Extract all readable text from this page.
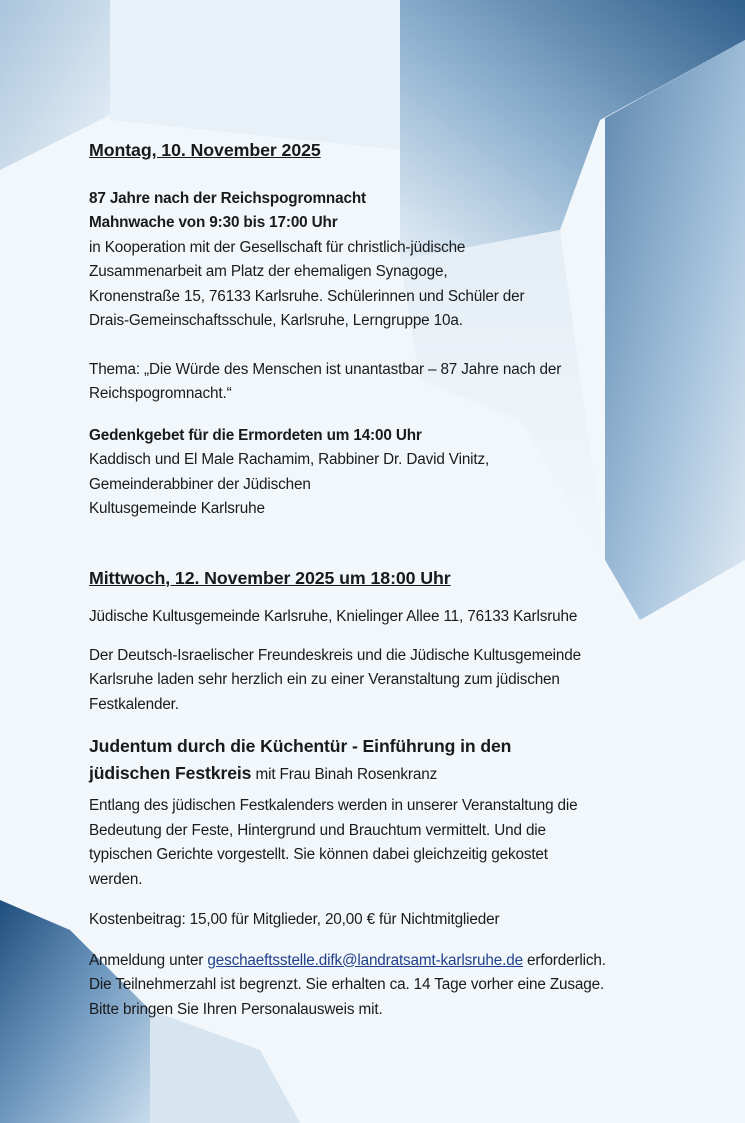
Montag, 10. November 2025

87 Jahre nach der Reichspogromnacht

Mahnwache von 9:30 bis 17:00 Uhr

in Kooperation mit der Gesellschaft für christlich-jüdische

Zusammenarbeit am Platz der ehemaligen Synagoge,

Kronenstraße 15, 76133 Karlsruhe. Schülerinnen und Schüler der

Drais-Gemeinschaftsschule, Karlsruhe, Lerngruppe 10a.

Thema: „Die Würde des Menschen ist unantastbar – 87 Jahre nach der

Reichspogromnacht.“

Gedenkgebet für die Ermordeten um 14:00 Uhr

Kaddisch und El Male Rachamim, Rabbiner Dr. David Vinitz,

Gemeinderabbiner der Jüdischen

Kultusgemeinde Karlsruhe

Mittwoch, 12. November 2025 um 18:00 Uhr

Jüdische Kultusgemeinde Karlsruhe, Knielinger Allee 11, 76133 Karlsruhe

Der Deutsch-Israelischer Freundeskreis und die Jüdische Kultusgemeinde

Karlsruhe laden sehr herzlich ein zu einer Veranstaltung zum jüdischen

Festkalender.

Judentum durch die Küchentür - Einführung in den

jüdischen Festkreis mit Frau Binah Rosenkranz

Entlang des jüdischen Festkalenders werden in unserer Veranstaltung die

Bedeutung der Feste, Hintergrund und Brauchtum vermittelt. Und die

typischen Gerichte vorgestellt. Sie können dabei gleichzeitig gekostet

werden.

Kostenbeitrag: 15,00 für Mitglieder, 20,00 € für Nichtmitglieder

Anmeldung unter geschaeftsstelle.difk@landratsamt-karlsruhe.de erforderlich.

Die Teilnehmerzahl ist begrenzt. Sie erhalten ca. 14 Tage vorher eine Zusage.

Bitte bringen Sie Ihren Personalausweis mit.
